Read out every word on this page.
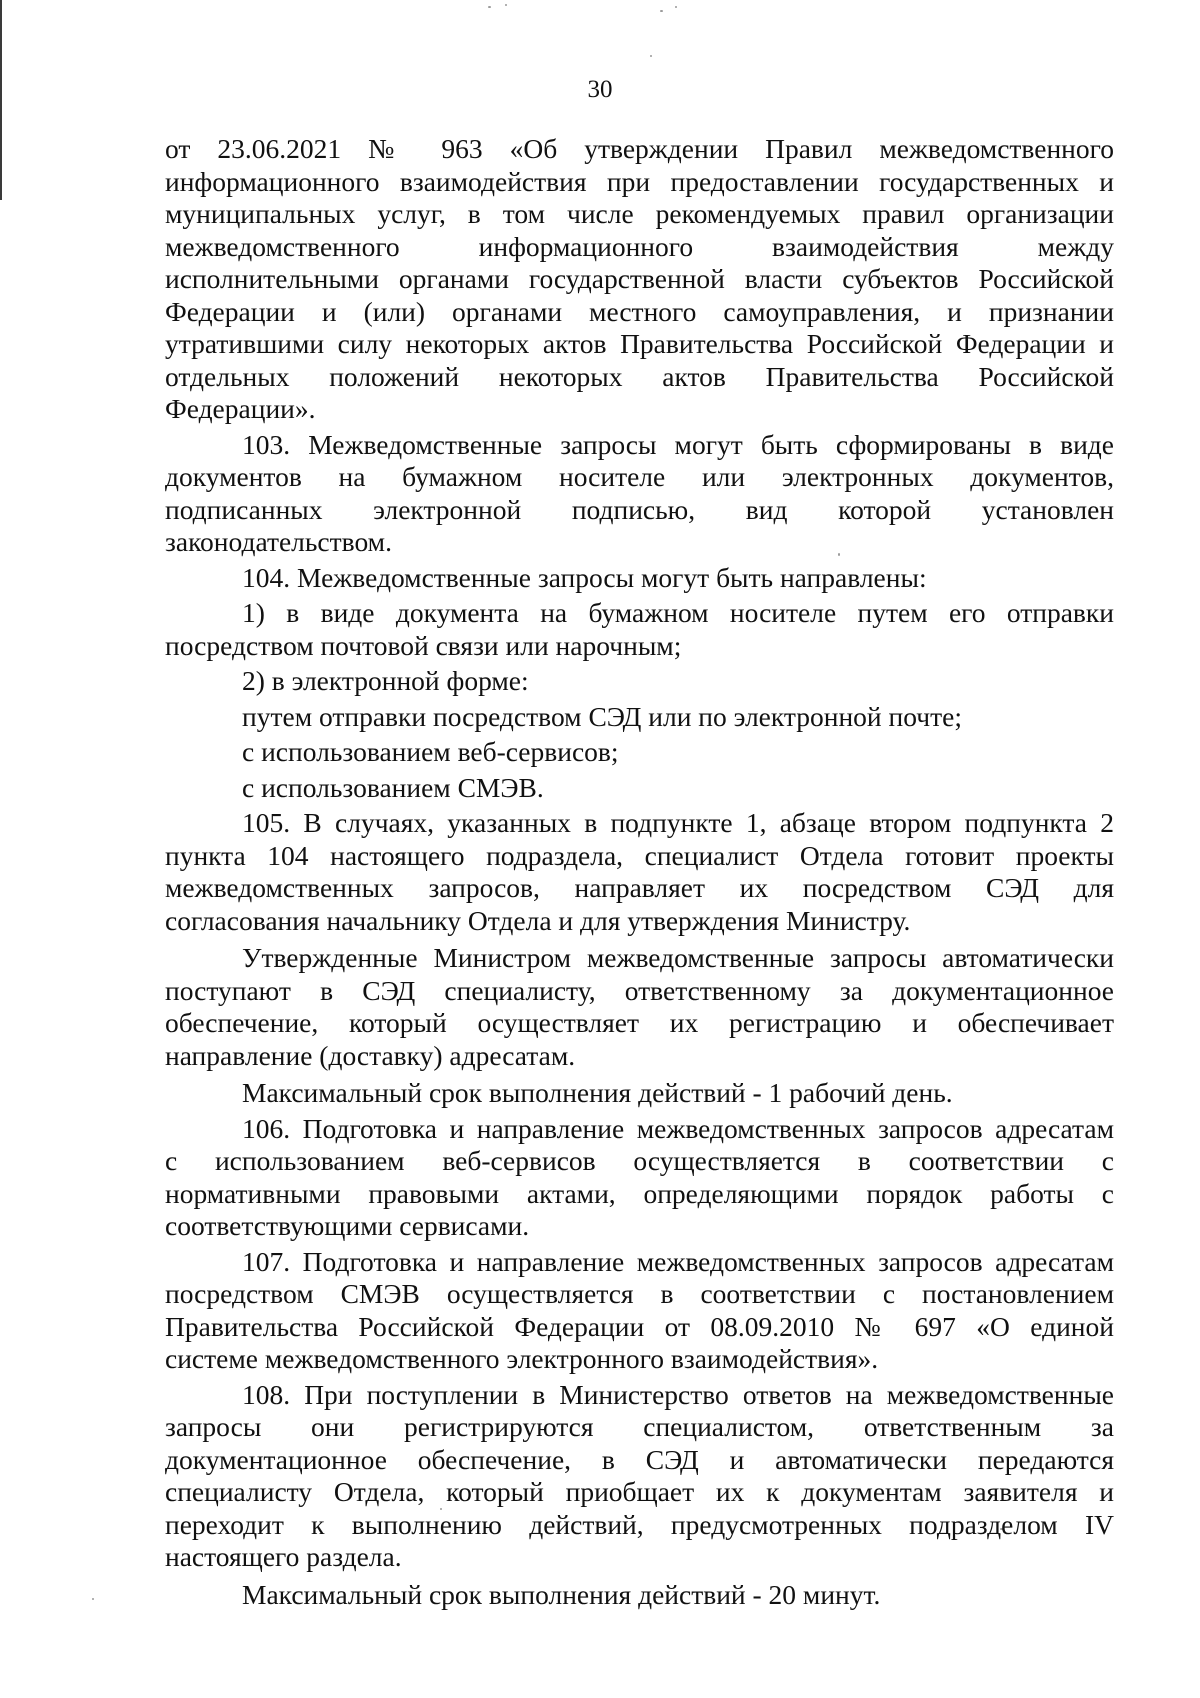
30
от 23.06.2021 № 963 «Об утверждении Правил межведомственного
информационного взаимодействия при предоставлении государственных и
муниципальных услуг, в том числе рекомендуемых правил организации
межведомственного информационного взаимодействия между
исполнительными органами государственной власти субъектов Российской
Федерации и (или) органами местного самоуправления, и признании
утратившими силу некоторых актов Правительства Российской Федерации и
отдельных положений некоторых актов Правительства Российской
Федерации».
103. Межведомственные запросы могут быть сформированы в виде
документов на бумажном носителе или электронных документов,
подписанных электронной подписью, вид которой установлен
законодательством.
104. Межведомственные запросы могут быть направлены:
1) в виде документа на бумажном носителе путем его отправки
посредством почтовой связи или нарочным;
2) в электронной форме:
путем отправки посредством СЭД или по электронной почте;
с использованием веб-сервисов;
с использованием СМЭВ.
105. В случаях, указанных в подпункте 1, абзаце втором подпункта 2
пункта 104 настоящего подраздела, специалист Отдела готовит проекты
межведомственных запросов, направляет их посредством СЭД для
согласования начальнику Отдела и для утверждения Министру.
Утвержденные Министром межведомственные запросы автоматически
поступают в СЭД специалисту, ответственному за документационное
обеспечение, который осуществляет их регистрацию и обеспечивает
направление (доставку) адресатам.
Максимальный срок выполнения действий - 1 рабочий день.
106. Подготовка и направление межведомственных запросов адресатам
с использованием веб-сервисов осуществляется в соответствии с
нормативными правовыми актами, определяющими порядок работы с
соответствующими сервисами.
107. Подготовка и направление межведомственных запросов адресатам
посредством СМЭВ осуществляется в соответствии с постановлением
Правительства Российской Федерации от 08.09.2010 № 697 «О единой
системе межведомственного электронного взаимодействия».
108. При поступлении в Министерство ответов на межведомственные
запросы они регистрируются специалистом, ответственным за
документационное обеспечение, в СЭД и автоматически передаются
специалисту Отдела, который приобщает их к документам заявителя и
переходит к выполнению действий, предусмотренных подразделом IV
настоящего раздела.
Максимальный срок выполнения действий - 20 минут.
